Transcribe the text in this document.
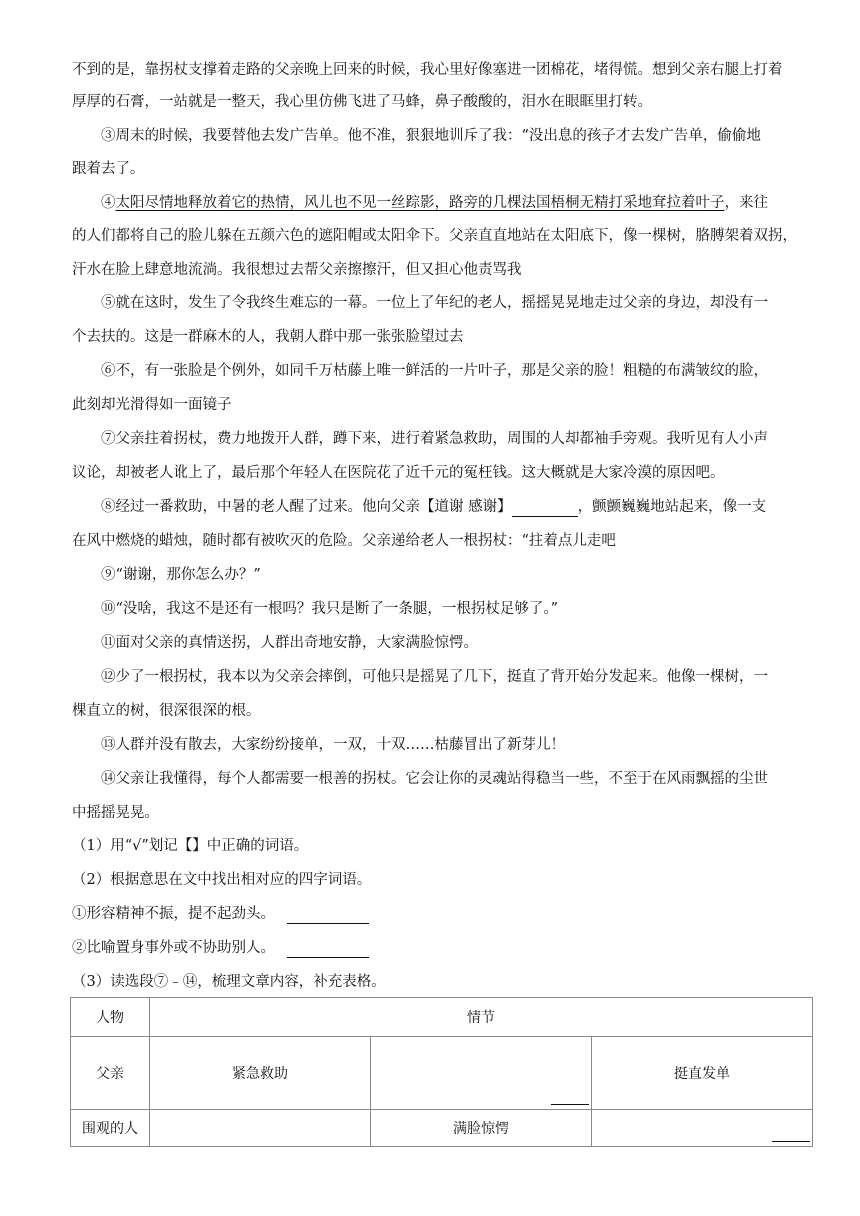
不到的是，靠拐杖支撑着走路的父亲晚上回来的时候，我心里好像塞进一团棉花，堵得慌。想到父亲右腿上打着
厚厚的石膏，一站就是一整天，我心里仿佛飞进了马蜂，鼻子酸酸的，泪水在眼眶里打转。
③周末的时候，我要替他去发广告单。他不准，狠狠地训斥了我：“没出息的孩子才去发广告单，偷偷地
跟着去了。
④太阳尽情地释放着它的热情，风儿也不见一丝踪影，路旁的几棵法国梧桐无精打采地耷拉着叶子，来往
的人们都将自己的脸儿躲在五颜六色的遮阳帽或太阳伞下。父亲直直地站在太阳底下，像一棵树，胳膊架着双拐，
汗水在脸上肆意地流淌。我很想过去帮父亲擦擦汗，但又担心他责骂我
⑤就在这时，发生了令我终生难忘的一幕。一位上了年纪的老人，摇摇晃晃地走过父亲的身边，却没有一
个去扶的。这是一群麻木的人，我朝人群中那一张张脸望过去
⑥不，有一张脸是个例外，如同千万枯藤上唯一鲜活的一片叶子，那是父亲的脸！粗糙的布满皱纹的脸，
此刻却光滑得如一面镜子
⑦父亲拄着拐杖，费力地拨开人群，蹲下来，进行着紧急救助，周围的人却都袖手旁观。我听见有人小声
议论，却被老人讹上了，最后那个年轻人在医院花了近千元的冤枉钱。这大概就是大家冷漠的原因吧。
⑧经过一番救助，中暑的老人醒了过来。他向父亲【道谢 感谢】	，颤颤巍巍地站起来，像一支
在风中燃烧的蜡烛，随时都有被吹灭的危险。父亲递给老人一根拐杖：“拄着点儿走吧
⑨“谢谢，那你怎么办？”
⑩“没啥，我这不是还有一根吗？我只是断了一条腿，一根拐杖足够了。”
⑪面对父亲的真情送拐，人群出奇地安静，大家满脸惊愕。
⑫少了一根拐杖，我本以为父亲会摔倒，可他只是摇晃了几下，挺直了背开始分发起来。他像一棵树，一
棵直立的树，很深很深的根。
⑬人群并没有散去，大家纷纷接单，一双，十双……枯藤冒出了新芽儿！
⑭父亲让我懂得，每个人都需要一根善的拐杖。它会让你的灵魂站得稳当一些，不至于在风雨飘摇的尘世
中摇摇晃晃。
（1）用“√”划记【】中正确的词语。
（2）根据意思在文中找出相对应的四字词语。
①形容精神不振，提不起劲头。
②比喻置身事外或不协助别人。
（3）读选段⑦﹣⑭，梳理文章内容，补充表格。
人物	情节		
父亲	紧急救助		挺直发单
围观的人		满脸惊愕	
